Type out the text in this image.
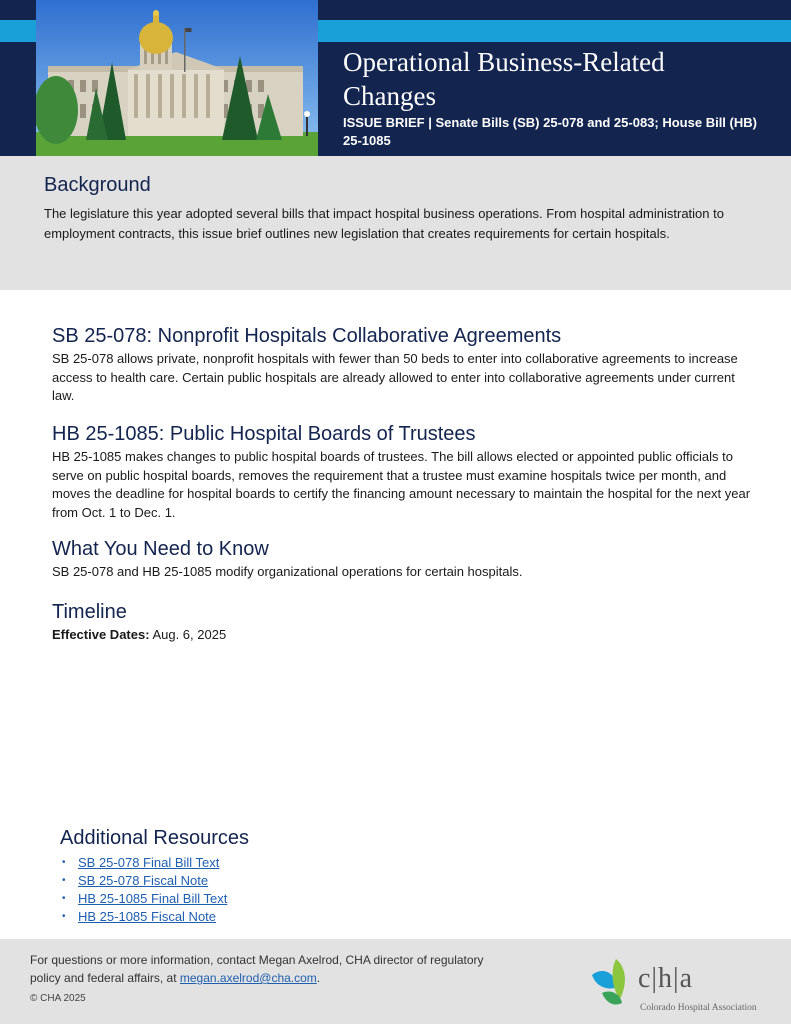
Operational Business-Related Changes
ISSUE BRIEF | Senate Bills (SB) 25-078 and 25-083; House Bill (HB) 25-1085
Background

The legislature this year adopted several bills that impact hospital business operations. From hospital administration to employment contracts, this issue brief outlines new legislation that creates requirements for certain hospitals.

SB 25-078: Nonprofit Hospitals Collaborative Agreements

SB 25-078 allows private, nonprofit hospitals with fewer than 50 beds to enter into collaborative agreements to increase access to health care. Certain public hospitals are already allowed to enter into collaborative agreements under current law.

HB 25-1085: Public Hospital Boards of Trustees

HB 25-1085 makes changes to public hospital boards of trustees. The bill allows elected or appointed public officials to serve on public hospital boards, removes the requirement that a trustee must examine hospitals twice per month, and moves the deadline for hospital boards to certify the financing amount necessary to maintain the hospital for the next year from Oct. 1 to Dec. 1.

What You Need to Know

SB 25-078 and HB 25-1085 modify organizational operations for certain hospitals.

Timeline

Effective Dates: Aug. 6, 2025

Additional Resources
• SB 25-078 Final Bill Text
• SB 25-078 Fiscal Note
• HB 25-1085 Final Bill Text
• HB 25-1085 Fiscal Note
For questions or more information, contact Megan Axelrod, CHA director of regulatory policy and federal affairs, at megan.axelrod@cha.com.
© CHA 2025
c|h|a
Colorado Hospital Association
